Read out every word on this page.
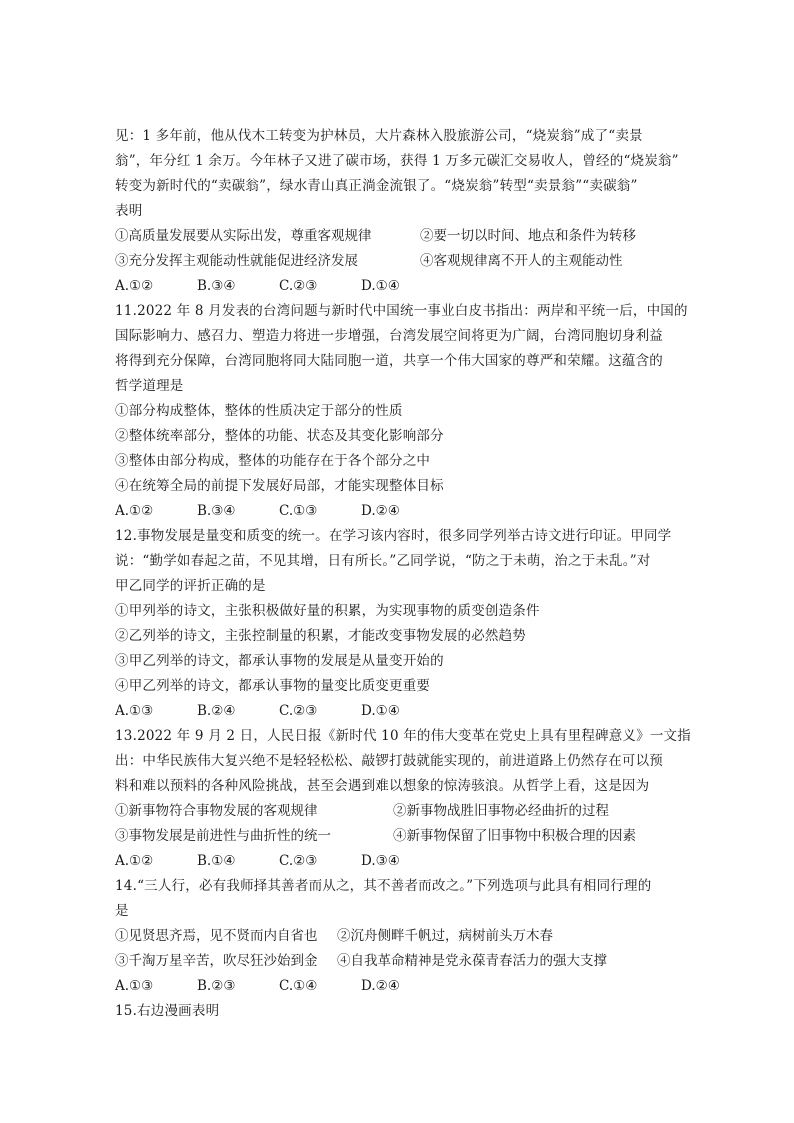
见：1 多年前，他从伐木工转变为护林员，大片森林入股旅游公司，“烧炭翁”成了“卖景
翁”，年分红 1 余万。今年林子又进了碳市场，获得 1 万多元碳汇交易收人，曾经的“烧炭翁”
转变为新时代的“卖碳翁”，绿水青山真正淌金流银了。“烧炭翁”转型“卖景翁”“卖碳翁”
表明
①高质量发展要从实际出发，尊重客观规律	②要一切以时间、地点和条件为转移
③充分发挥主观能动性就能促进经济发展	④客观规律离不开人的主观能动性
A.①②	B.③④	C.②③	D.①④
11.2022 年 8 月发表的台湾问题与新时代中国统一事业白皮书指出：两岸和平统一后，中国的
国际影响力、感召力、塑造力将进一步增强，台湾发展空间将更为广阔，台湾同胞切身利益
将得到充分保障，台湾同胞将同大陆同胞一道，共享一个伟大国家的尊严和荣耀。这蕴含的
哲学道理是
①部分构成整体，整体的性质决定于部分的性质
②整体统率部分，整体的功能、状态及其变化影响部分
③整体由部分构成，整体的功能存在于各个部分之中
④在统筹全局的前提下发展好局部，才能实现整体目标
A.①②	B.③④	C.①③	D.②④
12.事物发展是量变和质变的统一。在学习该内容时，很多同学列举古诗文进行印证。甲同学
说：“勤学如春起之苗，不见其增，日有所长。”乙同学说，“防之于未萌，治之于未乱。”对
甲乙同学的评折正确的是
①甲列举的诗文，主张积极做好量的积累，为实现事物的质变创造条件
②乙列举的诗文，主张控制量的积累，才能改变事物发展的必然趋势
③甲乙列举的诗文，都承认事物的发展是从量变开始的
④甲乙列举的诗文，都承认事物的量变比质变更重要
A.①③	B.②④	C.②③	D.①④
13.2022 年 9 月 2 日，人民日报《新时代 10 年的伟大变革在党史上具有里程碑意义》一文指
出：中华民族伟大复兴绝不是轻轻松松、敲锣打鼓就能实现的，前进道路上仍然存在可以预
料和难以预料的各种风险挑战，甚至会遇到难以想象的惊涛骇浪。从哲学上看，这是因为
①新事物符合事物发展的客观规律	②新事物战胜旧事物必经曲折的过程
③事物发展是前进性与曲折性的统一	④新事物保留了旧事物中积极合理的因素
A.①②	B.①④	C.②③	D.③④
14.“三人行，必有我师择其善者而从之，其不善者而改之。”下列选项与此具有相同行理的
是
①见贤思齐焉，见不贤而内自省也 ②沉舟侧畔千帆过，病树前头万木春
③千淘万星辛苦，吹尽狂沙始到金 ④自我革命精神是党永葆青春活力的强大支撑
A.①③	B.②③	C.①④	D.②④
15.右边漫画表明
